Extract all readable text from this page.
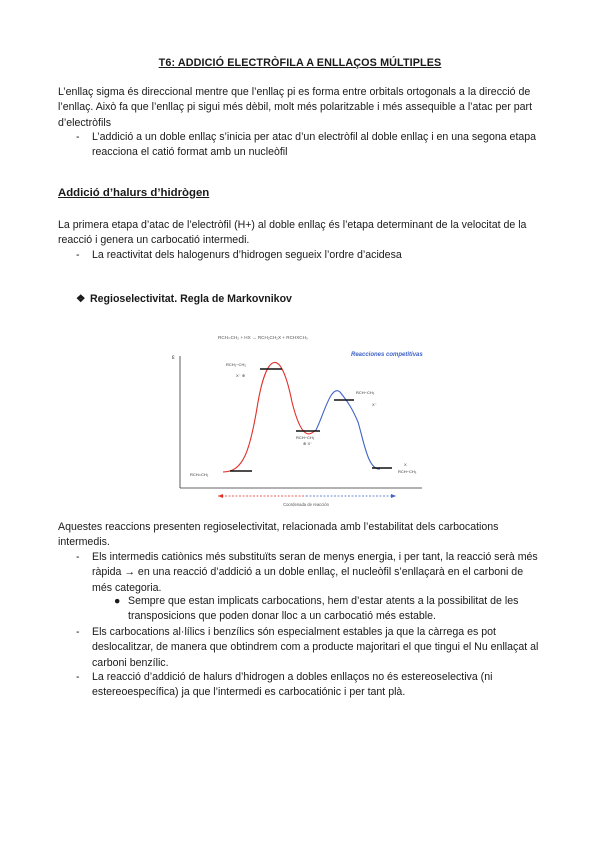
T6: ADDICIÓ ELECTRÒFILA A ENLLAÇOS MÚLTIPLES

L’enllaç sigma és direccional mentre que l’enllaç pi es forma entre orbitals ortogonals a la direcció de l’enllaç. Això fa que l’enllaç pi sigui més dèbil, molt més polaritzable i més assequible a l’atac per part d’electròfils

- L’addició a un doble enllaç s’inicia per atac d’un electròfil al doble enllaç i en una segona etapa reacciona el catió format amb un nucleòfil
Addició d’halurs d’hidrògen

La primera etapa d’atac de l’electròfil (H+) al doble enllaç és l’etapa determinant de la velocitat de la reacció i genera un carbocatió intermedi.

- La reactivitat dels halogenurs d’hidrogen segueix l’ordre d’acidesa
❖ Regioselectivitat. Regla de Markovnikov
RCH=CH₂ + HX → RCH₂CH₂X + RCHXCH₃
Reacciones competitivas
ε
RCH=CH₂
RCH₂−CH₂
X⁻ ⊕
RCH−CH₃
⊕ X⁻
RCH−CH₃
X⁻
X
RCH−CH₃
Coordenada de reacción

Aquestes reaccions presenten regioselectivitat, relacionada amb l’estabilitat dels carbocations intermedis.

- Els intermedis catiònics més substituïts seran de menys energia, i per tant, la reacció serà més ràpida → en una reacció d’addició a un doble enllaç, el nucleòfil s’enllaçarà en el carboni de més categoria.
● Sempre que estan implicats carbocations, hem d’estar atents a la possibilitat de les transposicions que poden donar lloc a un carbocatió més estable.
- Els carbocations al·lílics i benzílics són especialment estables ja que la càrrega es pot deslocalitzar, de manera que obtindrem com a producte majoritari el que tingui el Nu enllaçat al carboni benzílic.
- La reacció d’addició de halurs d’hidrogen a dobles enllaços no és estereoselectiva (ni estereoespecífica) ja que l’intermedi es carbocatiónic i per tant plà.
